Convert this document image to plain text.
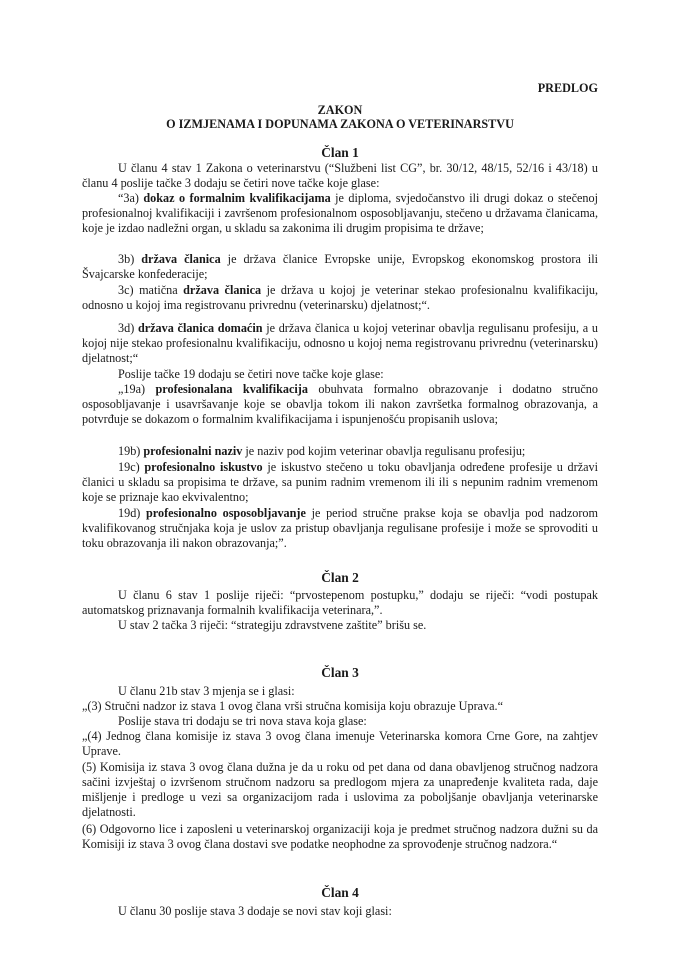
PREDLOG

ZAKON

O IZMJENAMA I DOPUNAMA ZAKONA O VETERINARSTVU

Član 1

U članu 4 stav 1 Zakona o veterinarstvu (“Službeni list CG”, br. 30/12, 48/15, 52/16 i 43/18) u članu 4 poslije tačke 3 dodaju se četiri nove tačke koje glase:

“3a) dokaz o formalnim kvalifikacijama je diploma, svjedočanstvo ili drugi dokaz o stečenoj profesionalnoj kvalifikaciji i završenom profesionalnom osposobljavanju, stečeno u državama članicama, koje je izdao nadležni organ, u skladu sa zakonima ili drugim propisima te države;

3b) država članica je država članice Evropske unije, Evropskog ekonomskog prostora ili Švajcarske konfederacije;

3c) matična država članica je država u kojoj je veterinar stekao profesionalnu kvalifikaciju, odnosno u kojoj ima registrovanu privrednu (veterinarsku) djelatnost;“.

3d) država članica domaćin je država članica u kojoj veterinar obavlja regulisanu profesiju, a u kojoj nije stekao profesionalnu kvalifikaciju, odnosno u kojoj nema registrovanu privrednu (veterinarsku) djelatnost;“

Poslije tačke 19 dodaju se četiri nove tačke koje glase:

„19a) profesionalana kvalifikacija obuhvata formalno obrazovanje i dodatno stručno osposobljavanje i usavršavanje koje se obavlja tokom ili nakon završetka formalnog obrazovanja, a potvrđuje se dokazom o formalnim kvalifikacijama i ispunjenošću propisanih uslova;

19b) profesionalni naziv je naziv pod kojim veterinar obavlja regulisanu profesiju;

19c) profesionalno iskustvo je iskustvo stečeno u toku obavljanja određene profesije u državi članici u skladu sa propisima te države, sa punim radnim vremenom ili ili s nepunim radnim vremenom koje se priznaje kao ekvivalentno;

19d) profesionalno osposobljavanje je period stručne prakse koja se obavlja pod nadzorom kvalifikovanog stručnjaka koja je uslov za pristup obavljanja regulisane profesije i može se sprovoditi u toku obrazovanja ili nakon obrazovanja;”.

Član 2

U članu 6 stav 1 poslije riječi: “prvostepenom postupku,” dodaju se riječi: “vodi postupak automatskog priznavanja formalnih kvalifikacija veterinara,”.

U stav 2 tačka 3 riječi: “strategiju zdravstvene zaštite” brišu se.

Član 3

U članu 21b stav 3 mjenja se i glasi:

„(3) Stručni nadzor iz stava 1 ovog člana vrši stručna komisija koju obrazuje Uprava.“

Poslije stava tri dodaju se tri nova stava koja glase:

„(4) Jednog člana komisije iz stava 3 ovog člana imenuje Veterinarska komora Crne Gore, na zahtjev Uprave.

(5) Komisija iz stava 3 ovog člana dužna je da u roku od pet dana od dana obavljenog stručnog nadzora sačini izvještaj o izvršenom stručnom nadzoru sa predlogom mjera za unapređenje kvaliteta rada, daje mišljenje i predloge u vezi sa organizacijom rada i uslovima za poboljšanje obavljanja veterinarske djelatnosti.

(6) Odgovorno lice i zaposleni u veterinarskoj organizaciji koja je predmet stručnog nadzora dužni su da Komisiji iz stava 3 ovog člana dostavi sve podatke neophodne za sprovođenje stručnog nadzora.“

Član 4

U članu 30 poslije stava 3 dodaje se novi stav koji glasi:
